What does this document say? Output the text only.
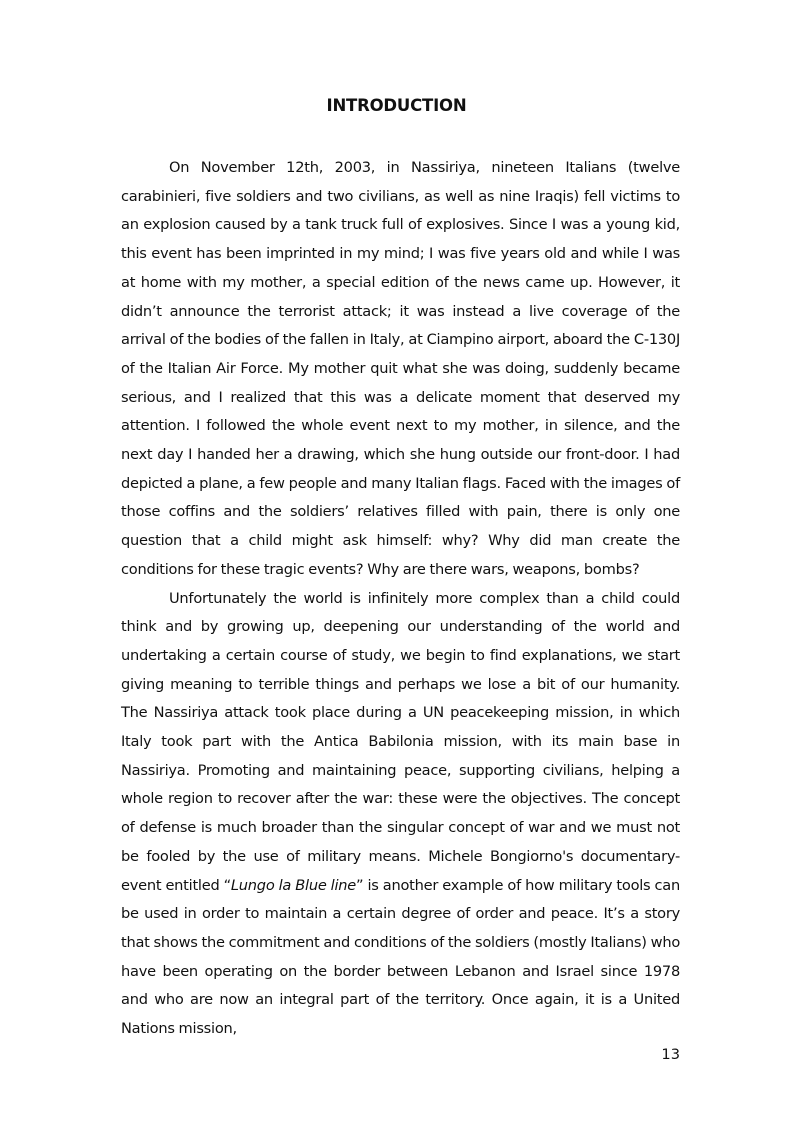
INTRODUCTION

On November 12th, 2003, in Nassiriya, nineteen Italians (twelve carabinieri, five soldiers and two civilians, as well as nine Iraqis) fell victims to an explosion caused by a tank truck full of explosives. Since I was a young kid, this event has been imprinted in my mind; I was five years old and while I was at home with my mother, a special edition of the news came up. However, it didn’t announce the terrorist attack; it was instead a live coverage of the arrival of the bodies of the fallen in Italy, at Ciampino airport, aboard the C-130J of the Italian Air Force. My mother quit what she was doing, suddenly became serious, and I realized that this was a delicate moment that deserved my attention. I followed the whole event next to my mother, in silence, and the next day I handed her a drawing, which she hung outside our front-door. I had depicted a plane, a few people and many Italian flags. Faced with the images of those coffins and the soldiers’ relatives filled with pain, there is only one question that a child might ask himself: why? Why did man create the conditions for these tragic events? Why are there wars, weapons, bombs?

Unfortunately the world is infinitely more complex than a child could think and by growing up, deepening our understanding of the world and undertaking a certain course of study, we begin to find explanations, we start giving meaning to terrible things and perhaps we lose a bit of our humanity. The Nassiriya attack took place during a UN peacekeeping mission, in which Italy took part with the Antica Babilonia mission, with its main base in Nassiriya. Promoting and maintaining peace, supporting civilians, helping a whole region to recover after the war: these were the objectives. The concept of defense is much broader than the singular concept of war and we must not be fooled by the use of military means. Michele Bongiorno's documentary-event entitled “Lungo la Blue line” is another example of how military tools can be used in order to maintain a certain degree of order and peace. It’s a story that shows the commitment and conditions of the soldiers (mostly Italians) who have been operating on the border between Lebanon and Israel since 1978 and who are now an integral part of the territory. Once again, it is a United Nations mission,

13
